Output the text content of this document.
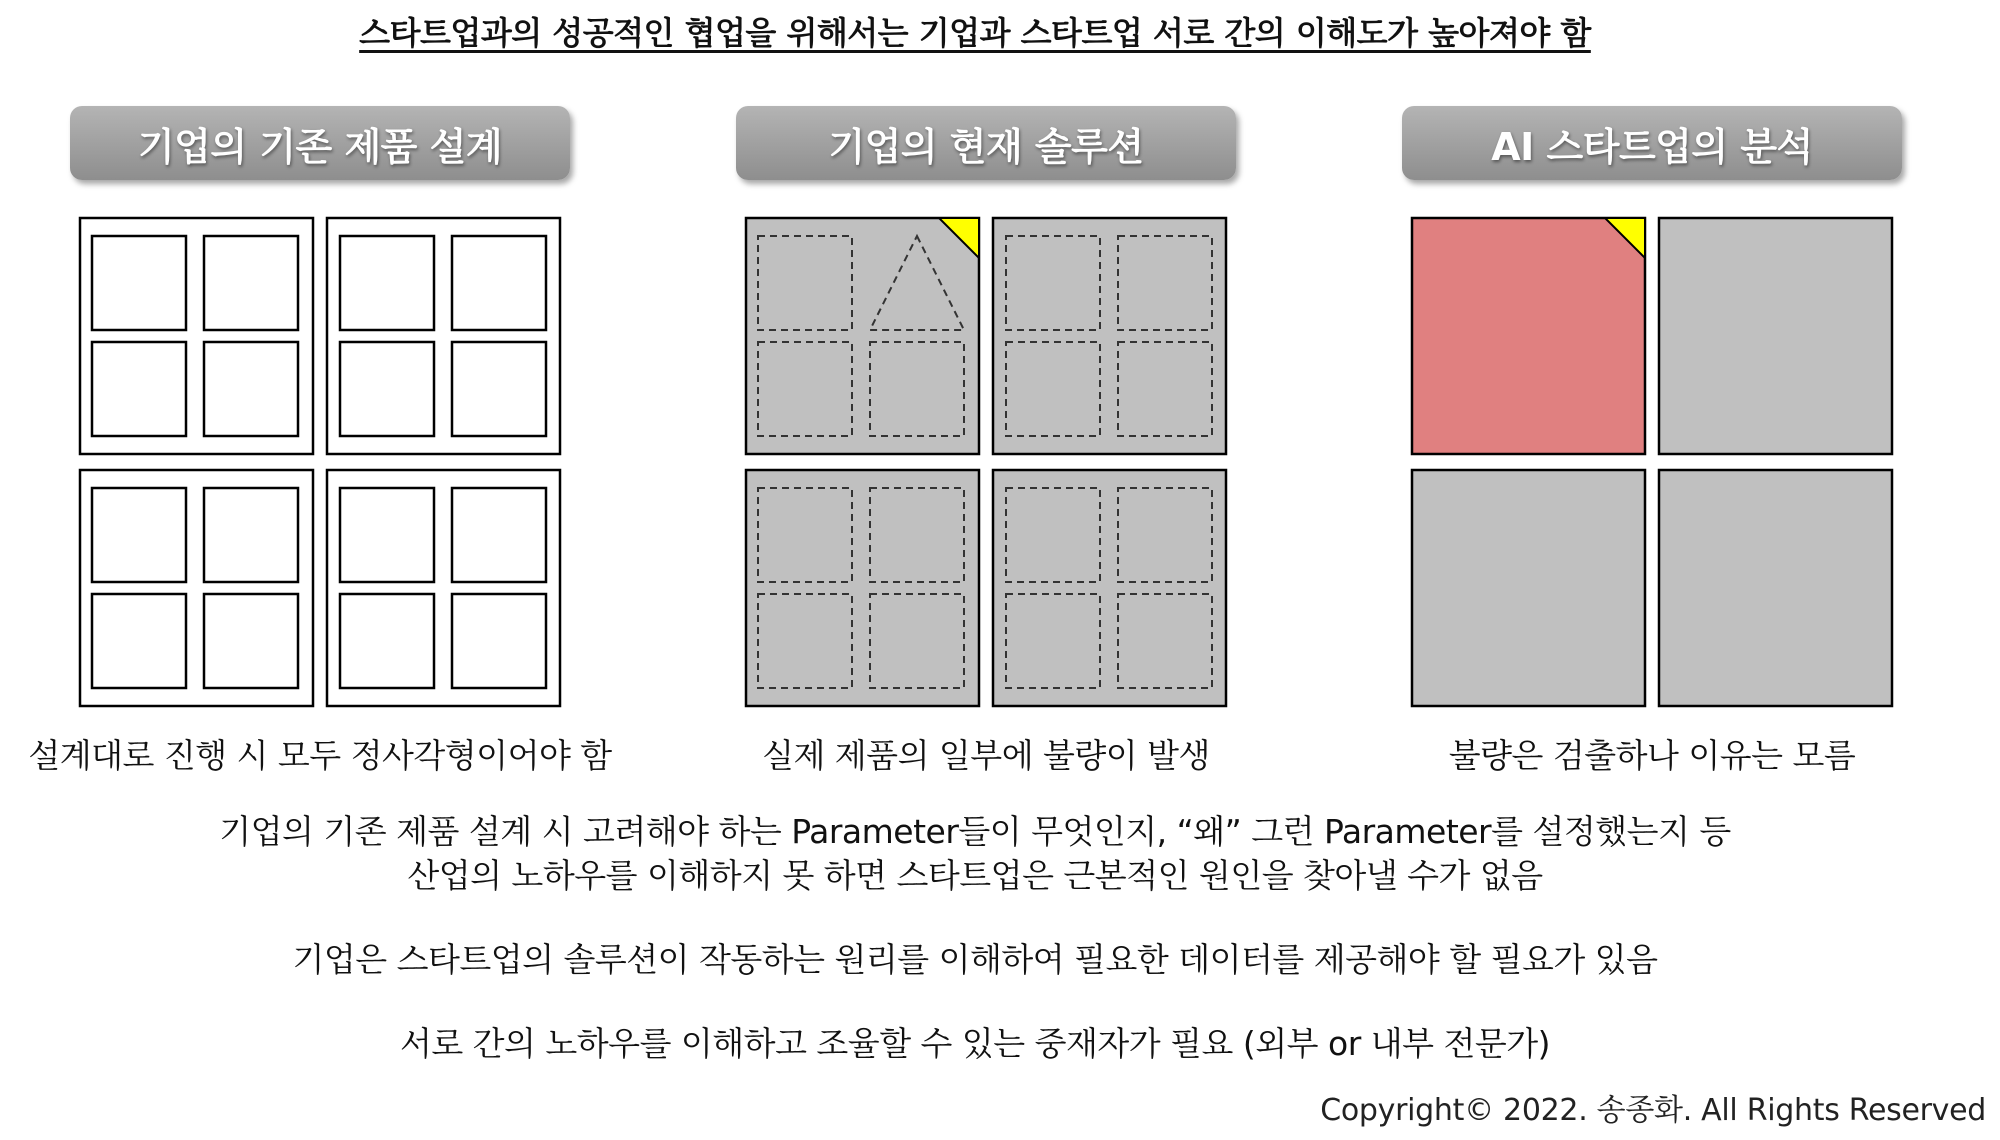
스타트업과의 성공적인 협업을 위해서는 기업과 스타트업 서로 간의 이해도가 높아져야 함
기업의 기존 제품 설계
설계대로 진행 시 모두 정사각형이어야 함
기업의 현재 솔루션
실제 제품의 일부에 불량이 발생
AI 스타트업의 분석
불량은 검출하나 이유는 모름
기업의 기존 제품 설계 시 고려해야 하는 Parameter들이 무엇인지, “왜” 그런 Parameter를 설정했는지 등
산업의 노하우를 이해하지 못 하면 스타트업은 근본적인 원인을 찾아낼 수가 없음
기업은 스타트업의 솔루션이 작동하는 원리를 이해하여 필요한 데이터를 제공해야 할 필요가 있음
서로 간의 노하우를 이해하고 조율할 수 있는 중재자가 필요 (외부 or 내부 전문가)
Copyright© 2022. 송종화. All Rights Reserved
